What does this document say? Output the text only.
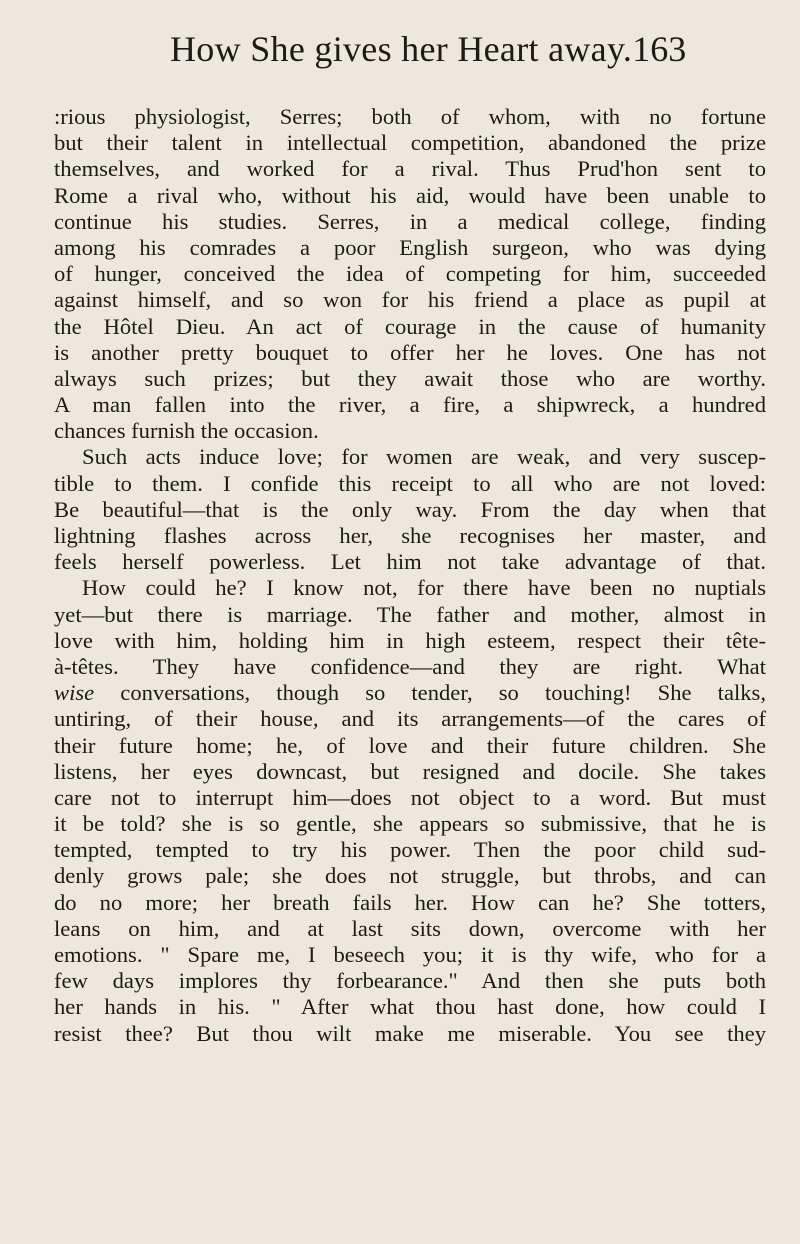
How She gives her Heart away. 163
:rious physiologist, Serres; both of whom, with no fortune
but their talent in intellectual competition, abandoned the prize
themselves, and worked for a rival. Thus Prud'hon sent to
Rome a rival who, without his aid, would have been unable to
continue his studies. Serres, in a medical college, finding
among his comrades a poor English surgeon, who was dying
of hunger, conceived the idea of competing for him, succeeded
against himself, and so won for his friend a place as pupil at
the Hôtel Dieu. An act of courage in the cause of humanity
is another pretty bouquet to offer her he loves. One has not
always such prizes; but they await those who are worthy.
A man fallen into the river, a fire, a shipwreck, a hundred
chances furnish the occasion.
Such acts induce love; for women are weak, and very suscep-
tible to them. I confide this receipt to all who are not loved:
Be beautiful—that is the only way. From the day when that
lightning flashes across her, she recognises her master, and
feels herself powerless. Let him not take advantage of that.
How could he? I know not, for there have been no nuptials
yet—but there is marriage. The father and mother, almost in
love with him, holding him in high esteem, respect their tête-
à-têtes. They have confidence—and they are right. What
wise conversations, though so tender, so touching! She talks,
untiring, of their house, and its arrangements—of the cares of
their future home; he, of love and their future children. She
listens, her eyes downcast, but resigned and docile. She takes
care not to interrupt him—does not object to a word. But must
it be told? she is so gentle, she appears so submissive, that he is
tempted, tempted to try his power. Then the poor child sud-
denly grows pale; she does not struggle, but throbs, and can
do no more; her breath fails her. How can he? She totters,
leans on him, and at last sits down, overcome with her
emotions. " Spare me, I beseech you; it is thy wife, who for a
few days implores thy forbearance." And then she puts both
her hands in his. " After what thou hast done, how could I
resist thee? But thou wilt make me miserable. You see they
